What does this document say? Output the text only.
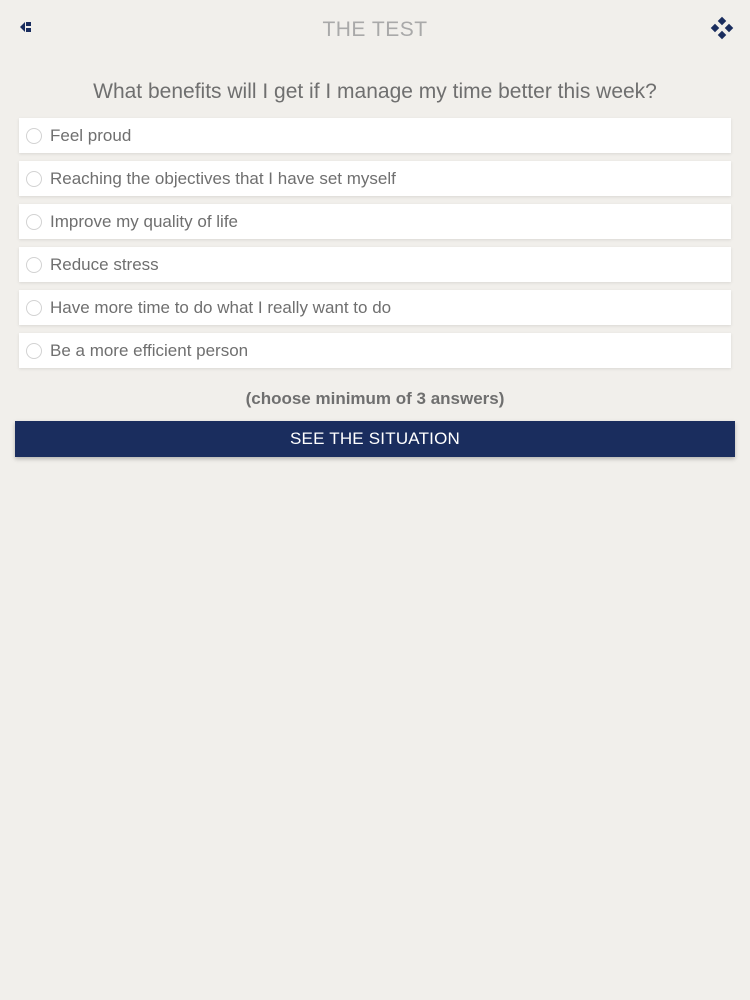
THE TEST
What benefits will I get if I manage my time better this week?
Feel proud
Reaching the objectives that I have set myself
Improve my quality of life
Reduce stress
Have more time to do what I really want to do
Be a more efficient person
(choose minimum of 3 answers)
SEE THE SITUATION
